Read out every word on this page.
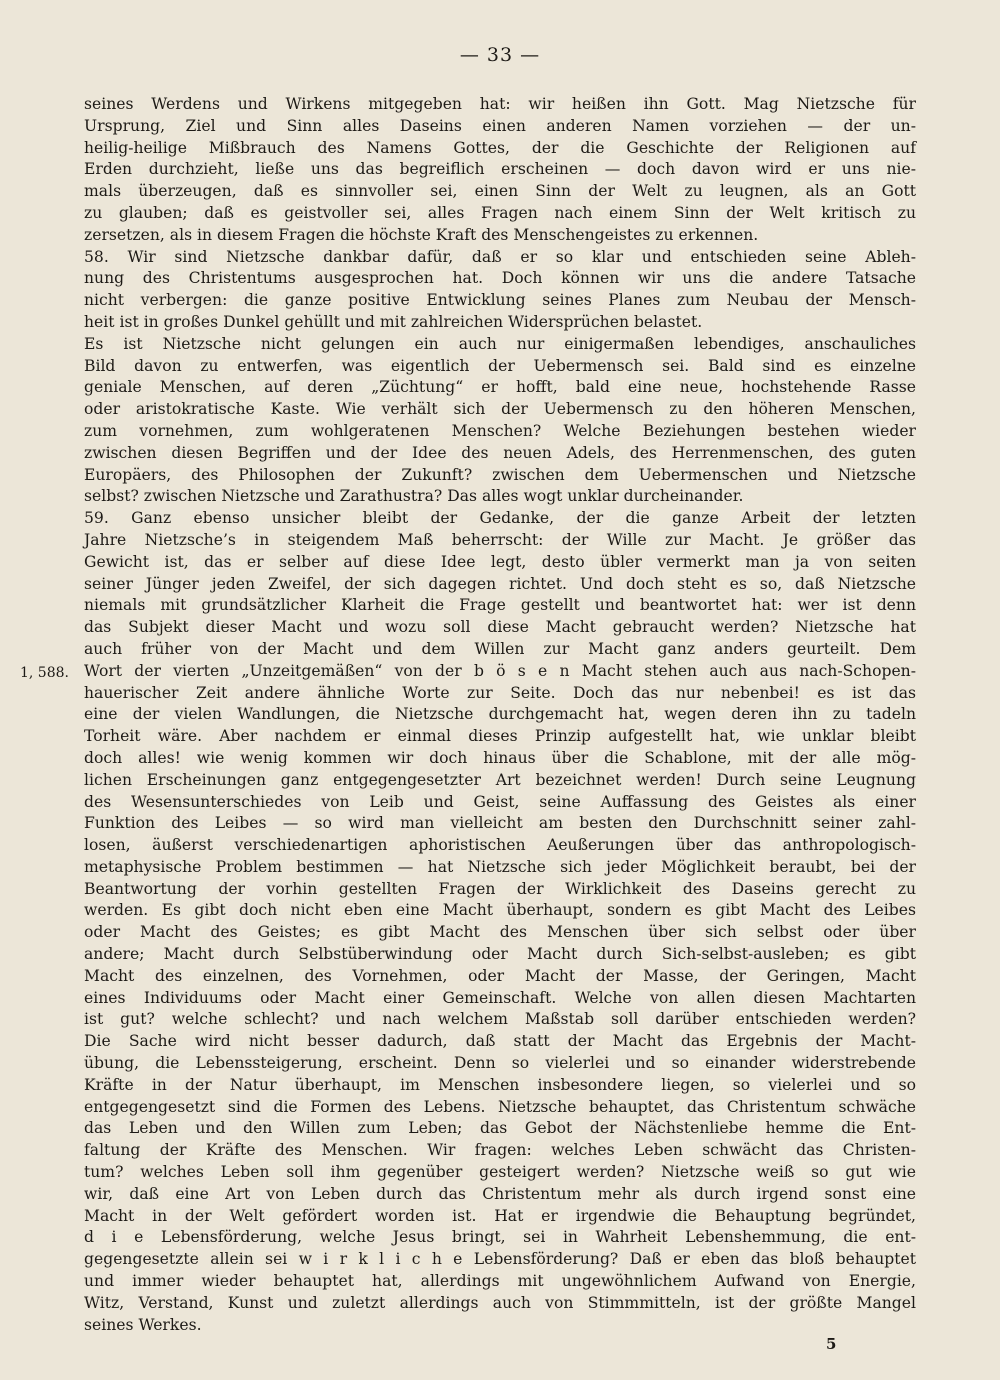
— 33 —
seines Werdens und Wirkens mitgegeben hat: wir heißen ihn Gott. Mag Nietzsche für
Ursprung, Ziel und Sinn alles Daseins einen anderen Namen vorziehen — der un-
heilig-heilige Mißbrauch des Namens Gottes, der die Geschichte der Religionen auf
Erden durchzieht, ließe uns das begreiflich erscheinen — doch davon wird er uns nie-
mals überzeugen, daß es sinnvoller sei, einen Sinn der Welt zu leugnen, als an Gott
zu glauben; daß es geistvoller sei, alles Fragen nach einem Sinn der Welt kritisch zu
zersetzen, als in diesem Fragen die höchste Kraft des Menschengeistes zu erkennen.
58. Wir sind Nietzsche dankbar dafür, daß er so klar und entschieden seine Ableh-
nung des Christentums ausgesprochen hat. Doch können wir uns die andere Tatsache
nicht verbergen: die ganze positive Entwicklung seines Planes zum Neubau der Mensch-
heit ist in großes Dunkel gehüllt und mit zahlreichen Widersprüchen belastet.
Es ist Nietzsche nicht gelungen ein auch nur einigermaßen lebendiges, anschauliches
Bild davon zu entwerfen, was eigentlich der Uebermensch sei. Bald sind es einzelne
geniale Menschen, auf deren „Züchtung“ er hofft, bald eine neue, hochstehende Rasse
oder aristokratische Kaste. Wie verhält sich der Uebermensch zu den höheren Menschen,
zum vornehmen, zum wohlgeratenen Menschen? Welche Beziehungen bestehen wieder
zwischen diesen Begriffen und der Idee des neuen Adels, des Herrenmenschen, des guten
Europäers, des Philosophen der Zukunft? zwischen dem Uebermenschen und Nietzsche
selbst? zwischen Nietzsche und Zarathustra? Das alles wogt unklar durcheinander.
59. Ganz ebenso unsicher bleibt der Gedanke, der die ganze Arbeit der letzten
Jahre Nietzsche’s in steigendem Maß beherrscht: der Wille zur Macht. Je größer das
Gewicht ist, das er selber auf diese Idee legt, desto übler vermerkt man ja von seiten
seiner Jünger jeden Zweifel, der sich dagegen richtet. Und doch steht es so, daß Nietzsche
niemals mit grundsätzlicher Klarheit die Frage gestellt und beantwortet hat: wer ist denn
das Subjekt dieser Macht und wozu soll diese Macht gebraucht werden? Nietzsche hat
auch früher von der Macht und dem Willen zur Macht ganz anders geurteilt. Dem
Wort der vierten „Unzeitgemäßen“ von der b ö s e n Macht stehen auch aus nach-Schopen-
hauerischer Zeit andere ähnliche Worte zur Seite. Doch das nur nebenbei! es ist das
eine der vielen Wandlungen, die Nietzsche durchgemacht hat, wegen deren ihn zu tadeln
Torheit wäre. Aber nachdem er einmal dieses Prinzip aufgestellt hat, wie unklar bleibt
doch alles! wie wenig kommen wir doch hinaus über die Schablone, mit der alle mög-
lichen Erscheinungen ganz entgegengesetzter Art bezeichnet werden! Durch seine Leugnung
des Wesensunterschiedes von Leib und Geist, seine Auffassung des Geistes als einer
Funktion des Leibes — so wird man vielleicht am besten den Durchschnitt seiner zahl-
losen, äußerst verschiedenartigen aphoristischen Aeußerungen über das anthropologisch-
metaphysische Problem bestimmen — hat Nietzsche sich jeder Möglichkeit beraubt, bei der
Beantwortung der vorhin gestellten Fragen der Wirklichkeit des Daseins gerecht zu
werden. Es gibt doch nicht eben eine Macht überhaupt, sondern es gibt Macht des Leibes
oder Macht des Geistes; es gibt Macht des Menschen über sich selbst oder über
andere; Macht durch Selbstüberwindung oder Macht durch Sich-selbst-ausleben; es gibt
Macht des einzelnen, des Vornehmen, oder Macht der Masse, der Geringen, Macht
eines Individuums oder Macht einer Gemeinschaft. Welche von allen diesen Machtarten
ist gut? welche schlecht? und nach welchem Maßstab soll darüber entschieden werden?
Die Sache wird nicht besser dadurch, daß statt der Macht das Ergebnis der Macht-
übung, die Lebenssteigerung, erscheint. Denn so vielerlei und so einander widerstrebende
Kräfte in der Natur überhaupt, im Menschen insbesondere liegen, so vielerlei und so
entgegengesetzt sind die Formen des Lebens. Nietzsche behauptet, das Christentum schwäche
das Leben und den Willen zum Leben; das Gebot der Nächstenliebe hemme die Ent-
faltung der Kräfte des Menschen. Wir fragen: welches Leben schwächt das Christen-
tum? welches Leben soll ihm gegenüber gesteigert werden? Nietzsche weiß so gut wie
wir, daß eine Art von Leben durch das Christentum mehr als durch irgend sonst eine
Macht in der Welt gefördert worden ist. Hat er irgendwie die Behauptung begründet,
d i e Lebensförderung, welche Jesus bringt, sei in Wahrheit Lebenshemmung, die ent-
gegengesetzte allein sei w i r k l i c h e Lebensförderung? Daß er eben das bloß behauptet
und immer wieder behauptet hat, allerdings mit ungewöhnlichem Aufwand von Energie,
Witz, Verstand, Kunst und zuletzt allerdings auch von Stimmmitteln, ist der größte Mangel
seines Werkes.
1, 588.
5
